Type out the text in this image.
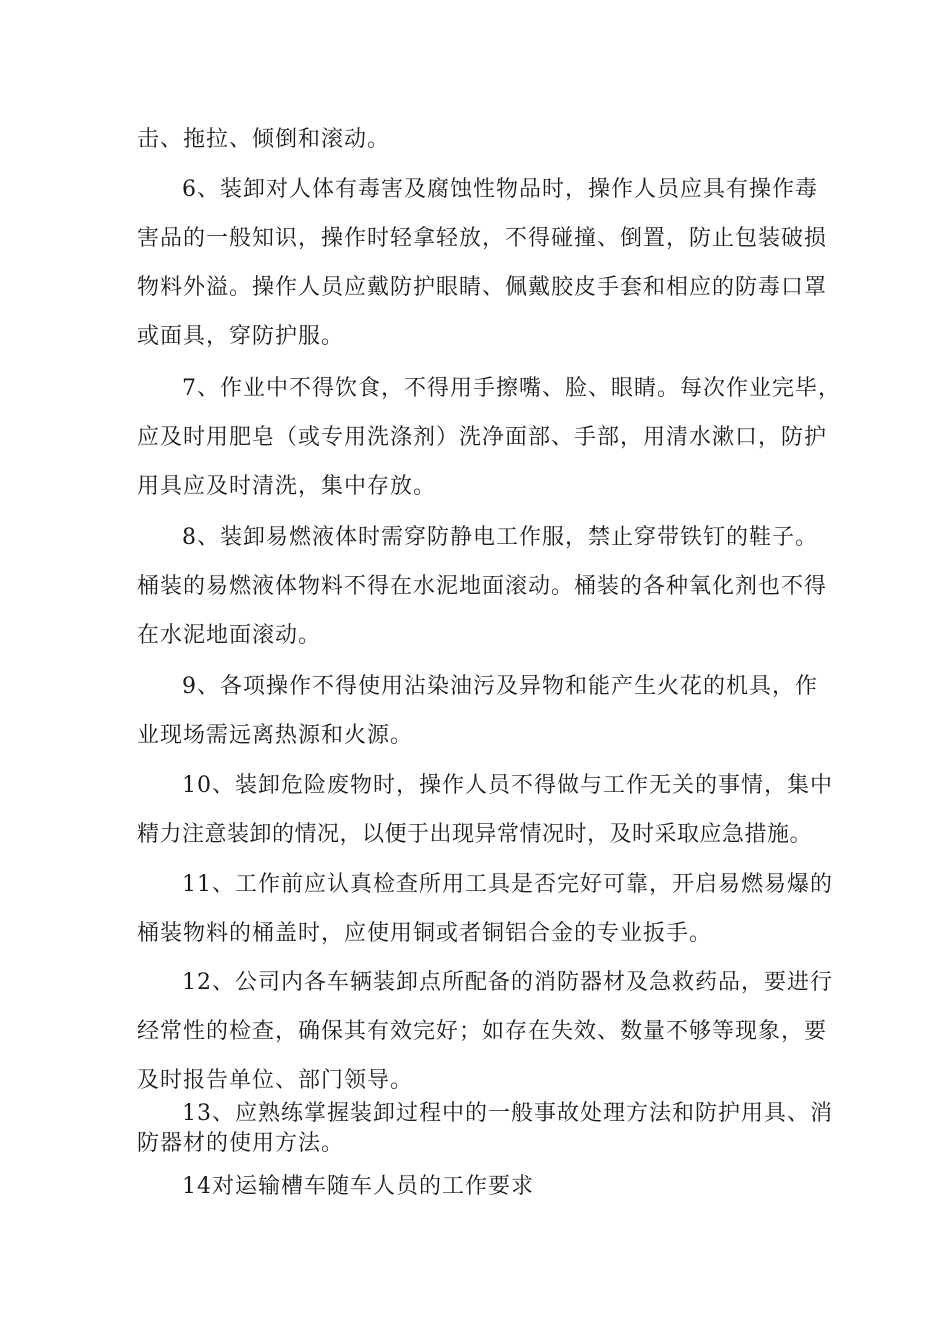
击、拖拉、倾倒和滚动。
6、装卸对人体有毒害及腐蚀性物品时，操作人员应具有操作毒
害品的一般知识，操作时轻拿轻放，不得碰撞、倒置，防止包装破损
物料外溢。操作人员应戴防护眼睛、佩戴胶皮手套和相应的防毒口罩
或面具，穿防护服。
7、作业中不得饮食，不得用手擦嘴、脸、眼睛。每次作业完毕，
应及时用肥皂（或专用洗涤剂）洗净面部、手部，用清水漱口，防护
用具应及时清洗，集中存放。
8、装卸易燃液体时需穿防静电工作服，禁止穿带铁钉的鞋子。
桶装的易燃液体物料不得在水泥地面滚动。桶装的各种氧化剂也不得
在水泥地面滚动。
9、各项操作不得使用沾染油污及异物和能产生火花的机具，作
业现场需远离热源和火源。
10、装卸危险废物时，操作人员不得做与工作无关的事情，集中
精力注意装卸的情况，以便于出现异常情况时，及时采取应急措施。
11、工作前应认真检查所用工具是否完好可靠，开启易燃易爆的
桶装物料的桶盖时，应使用铜或者铜铝合金的专业扳手。
12、公司内各车辆装卸点所配备的消防器材及急救药品，要进行
经常性的检查，确保其有效完好；如存在失效、数量不够等现象，要
及时报告单位、部门领导。
13、应熟练掌握装卸过程中的一般事故处理方法和防护用具、消
防器材的使用方法。
14对运输槽车随车人员的工作要求
